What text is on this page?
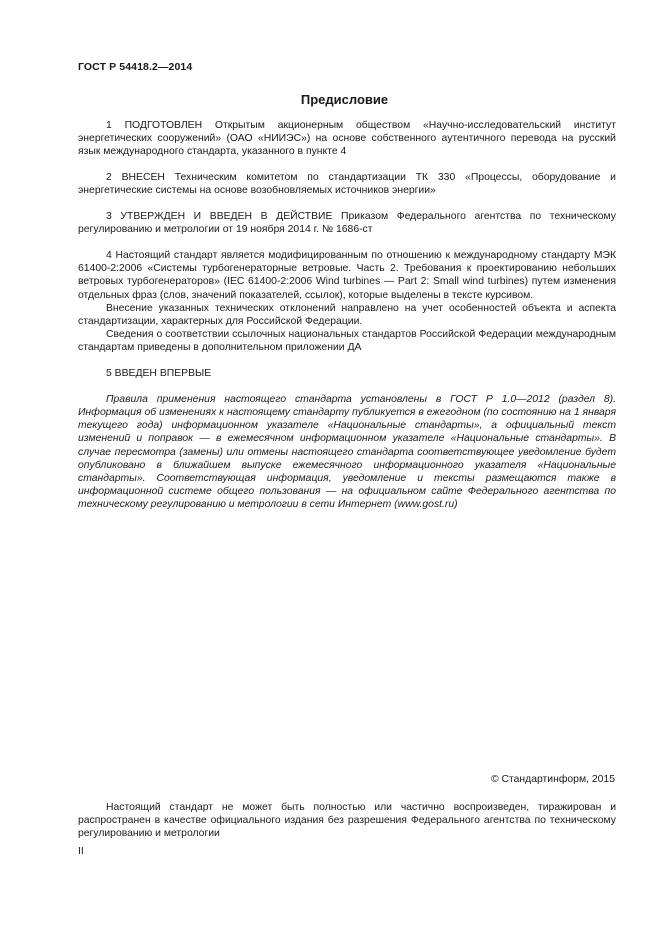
ГОСТ Р 54418.2—2014
Предисловие

1 ПОДГОТОВЛЕН Открытым акционерным обществом «Научно-исследовательский институт энергетических сооружений» (ОАО «НИИЭС») на основе собственного аутентичного перевода на русский язык международного стандарта, указанного в пункте 4

2 ВНЕСЕН Техническим комитетом по стандартизации ТК 330 «Процессы, оборудование и энергетические системы на основе возобновляемых источников энергии»

3 УТВЕРЖДЕН И ВВЕДЕН В ДЕЙСТВИЕ Приказом Федерального агентства по техническому регулированию и метрологии от 19 ноября 2014 г. № 1686-ст

4 Настоящий стандарт является модифицированным по отношению к международному стандарту МЭК 61400-2:2006 «Системы турбогенераторные ветровые. Часть 2. Требования к проектированию небольших ветровых турбогенераторов» (IEC 61400-2:2006 Wind turbines — Part 2: Small wind turbines) путем изменения отдельных фраз (слов, значений показателей, ссылок), которые выделены в тексте курсивом.

Внесение указанных технических отклонений направлено на учет особенностей объекта и аспекта стандартизации, характерных для Российской Федерации.

Сведения о соответствии ссылочных национальных стандартов Российской Федерации международным стандартам приведены в дополнительном приложении ДА

5 ВВЕДЕН ВПЕРВЫЕ

Правила применения настоящего стандарта установлены в ГОСТ Р 1.0—2012 (раздел 8). Информация об изменениях к настоящему стандарту публикуется в ежегодном (по состоянию на 1 января текущего года) информационном указателе «Национальные стандарты», а официальный текст изменений и поправок — в ежемесячном информационном указателе «Национальные стандарты». В случае пересмотра (замены) или отмены настоящего стандарта соответствующее уведомление будет опубликовано в ближайшем выпуске ежемесячного информационного указателя «Национальные стандарты». Соответствующая информация, уведомление и тексты размещаются также в информационной системе общего пользования — на официальном сайте Федерального агентства по техническому регулированию и метрологии в сети Интернет (www.gost.ru)

© Стандартинформ, 2015

Настоящий стандарт не может быть полностью или частично воспроизведен, тиражирован и распространен в качестве официального издания без разрешения Федерального агентства по техническому регулированию и метрологии

II
